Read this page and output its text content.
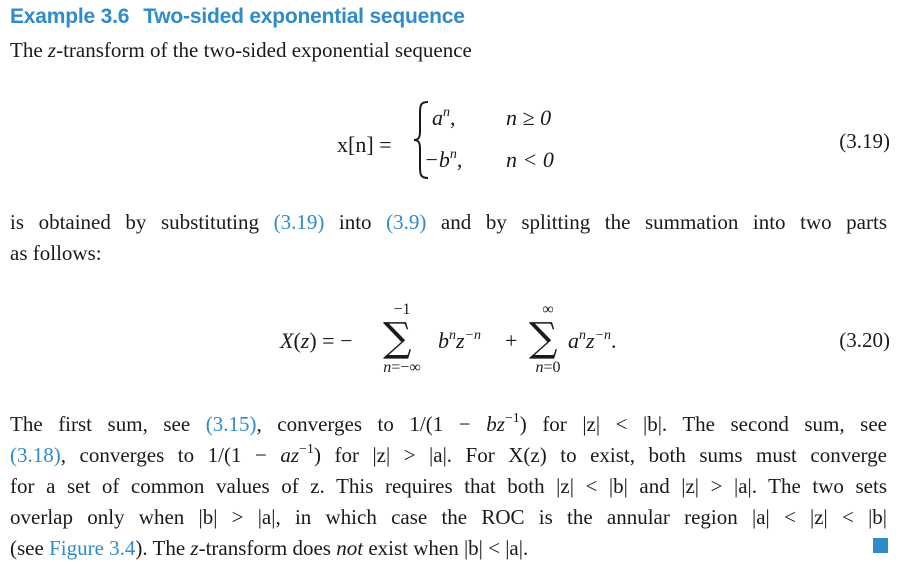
Example 3.6 Two-sided exponential sequence
The z-transform of the two-sided exponential sequence
x[n] =
$a^n$, n ≥ 0
$-b^n$, n < 0
(3.19)
is obtained by substituting (3.19) into (3.9) and by splitting the summation into two parts
as follows:
X(z) = −
−1
∑
n=−∞
$b^nz^{-n}$ +
∞
∑
n=0
$a^nz^{-n}$.	(3.20)
The first sum, see (3.15), converges to $1/(1 - bz^{-1})$ for |z| < |b|. The second sum, see
(3.18), converges to $1/(1 - az^{-1})$ for |z| > |a|. For X(z) to exist, both sums must converge
for a set of common values of z. This requires that both |z| < |b| and |z| > |a|. The two sets
overlap only when |b| > |a|, in which case the ROC is the annular region |a| < |z| < |b|
(see Figure 3.4). The z-transform does not exist when |b| < |a|.
